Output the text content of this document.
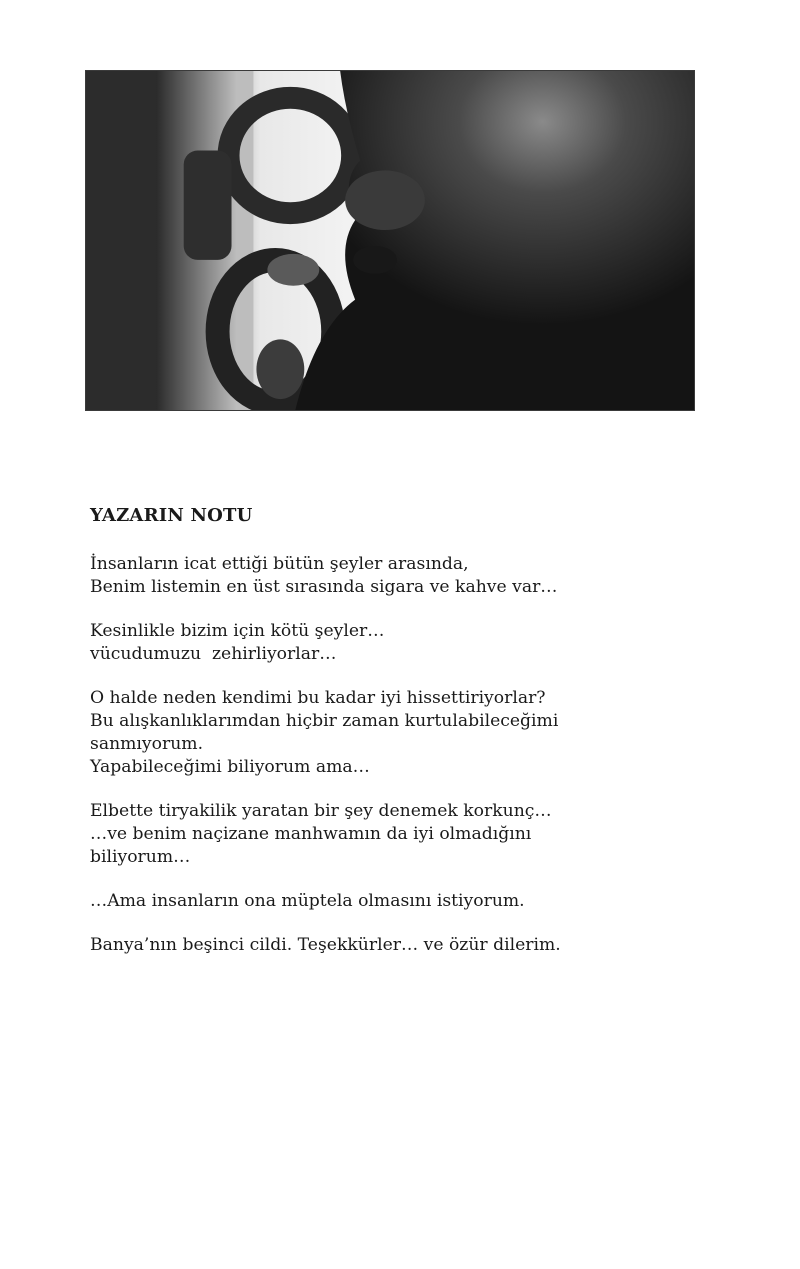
YAZARIN NOTU
İnsanların icat ettiği bütün şeyler arasında,
Benim listemin en üst sırasında sigara ve kahve var…
Kesinlikle bizim için kötü şeyler…
vücudumuzu  zehirliyorlar…
O halde neden kendimi bu kadar iyi hissettiriyorlar?
Bu alışkanlıklarımdan hiçbir zaman kurtulabileceğimi
sanmıyorum.
Yapabileceğimi biliyorum ama…
Elbette tiryakilik yaratan bir şey denemek korkunç…
…ve benim naçizane manhwamın da iyi olmadığını
biliyorum…
…Ama insanların ona müptela olmasını istiyorum.
Banya’nın beşinci cildi. Teşekkürler… ve özür dilerim.
